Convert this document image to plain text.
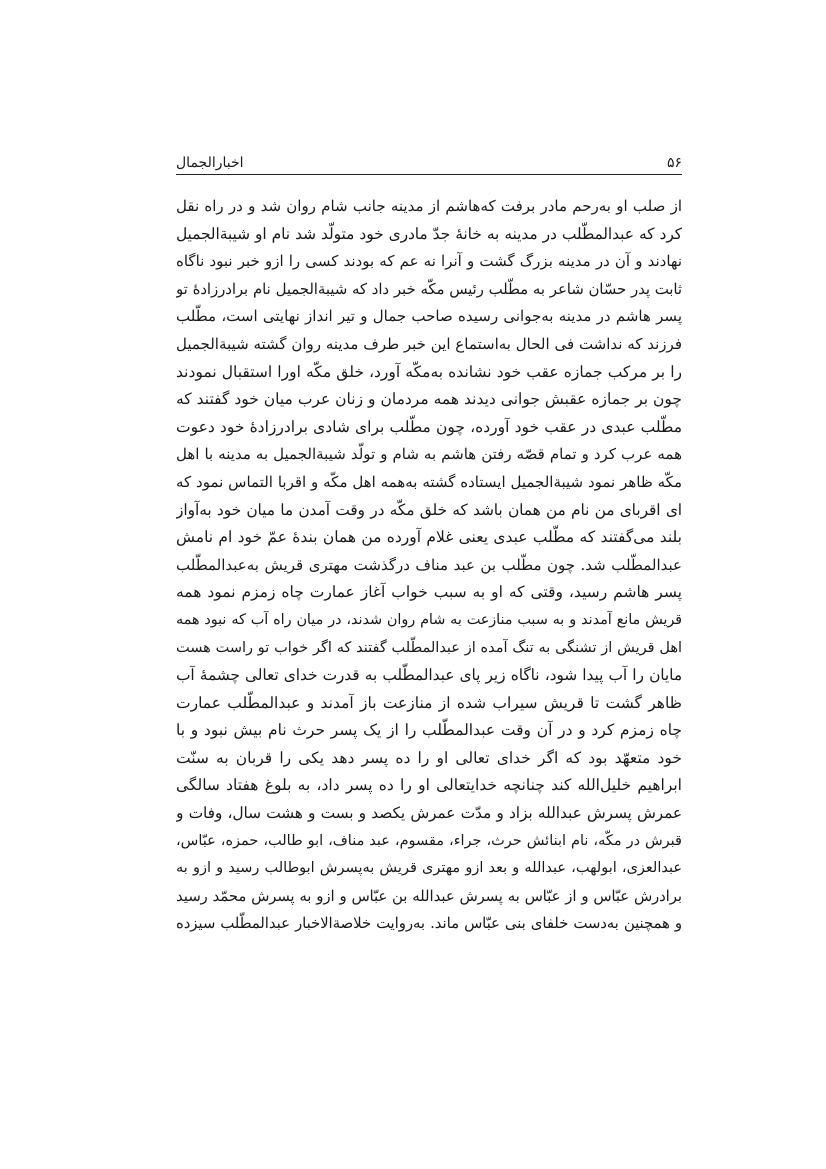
۵۶
اخبارالجمال
از صلب او به‌رحم مادر برفت که‌هاشم از مدینه جانب شام روان شد و در راه نقل
کرد که عبدالمطّلب در مدینه به خانهٔ جدّ مادری خود متولّد شد نام او شیبةالجمیل
نهادند و آن در مدینه بزرگ گشت و آنرا نه عم که بودند کسی را ازو خبر نبود ناگاه
ثابت پدر حسّان شاعر به مطّلب رئیس مکّه خبر داد که شیبةالجمیل نام برادرزادهٔ تو
پسر هاشم در مدینه به‌جوانی رسیده صاحب جمال و تیر انداز نهایتی است، مطّلب
فرزند که نداشت فی الحال به‌استماع این خبر طرف مدینه روان گشته شیبةالجمیل
را بر مرکب جمازه عقب خود نشانده به‌مکّه آورد، خلق مکّه اورا استقبال نمودند
چون بر جمازه عقبش جوانی دیدند همه مردمان و زنان عرب میان خود گفتند که
مطّلب عبدی در عقب خود آورده، چون مطّلب برای شادی برادرزادهٔ خود دعوت
همه عرب کرد و تمام قصّه رفتن هاشم به شام و تولّد شیبةالجمیل به مدینه با اهل
مکّه ظاهر نمود شیبةالجمیل ایستاده گشته به‌همه اهل مکّه و اقربا التماس نمود که
ای اقربای من نام من همان باشد که خلق مکّه در وقت آمدن ما میان خود به‌آواز
بلند می‌گفتند که مطّلب عبدی یعنی غلام آورده من همان بندهٔ عمّ خود ام نامش
عبدالمطّلب شد. چون مطّلب بن عبد مناف درگذشت مهتری قریش به‌عبدالمطّلب
پسر هاشم رسید، وقتی که او به سبب خواب آغاز عمارت چاه زمزم نمود همه
قریش مانع آمدند و به سبب منازعت به شام روان شدند، در میان راه آب که نبود همه
اهل قریش از تشنگی به تنگ آمده از عبدالمطّلب گفتند که اگر خواب تو راست هست
مایان را آب پیدا شود، ناگاه زیر پای عبدالمطّلب به قدرت خدای تعالی چشمهٔ آب
ظاهر گشت تا قریش سیراب شده از منازعت باز آمدند و عبدالمطّلب عمارت
چاه زمزم کرد و در آن وقت عبدالمطّلب را از یک پسر حرث نام بیش نبود و با
خود متعهّد بود که اگر خدای تعالی او را ده پسر دهد یکی را قربان به سنّت
ابراهیم خلیل‌الله کند چنانچه خدایتعالی او را ده پسر داد، به بلوغ هفتاد سالگی
عمرش پسرش عبدالله بزاد و مدّت عمرش یکصد و بست و هشت سال، وفات و
قبرش در مکّه، نام ابنائش حرث، جراء، مقسوم، عبد مناف، ابو طالب، حمزه، عبّاس،
عبدالعزی، ابولهب، عبدالله و بعد ازو مهتری قریش به‌پسرش ابوطالب رسید و ازو به
برادرش عبّاس و از عبّاس به پسرش عبدالله بن عبّاس و ازو به پسرش محمّد رسید
و همچنین به‌دست خلفای بنی عبّاس ماند. به‌روایت خلاصةالاخبار عبدالمطّلب سیزده
